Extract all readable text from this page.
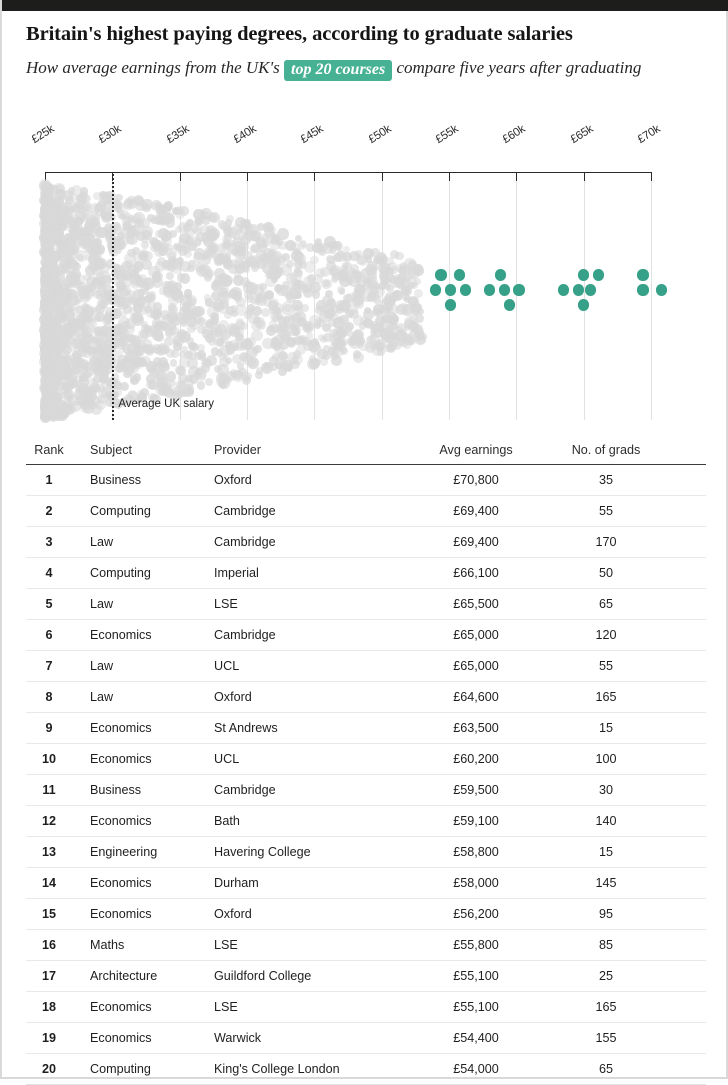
Britain's highest paying degrees, according to graduate salaries

How average earnings from the UK's top 20 courses compare five years after graduating

£25k	£30k	£35k	£40k	£45k	£50k	£55k	£60k	£65k	£70k
Average UK salary
Rank	Subject	Provider	Avg earnings	No. of grads
1	Business	Oxford	£70,800	35
2	Computing	Cambridge	£69,400	55
3	Law	Cambridge	£69,400	170
4	Computing	Imperial	£66,100	50
5	Law	LSE	£65,500	65
6	Economics	Cambridge	£65,000	120
7	Law	UCL	£65,000	55
8	Law	Oxford	£64,600	165
9	Economics	St Andrews	£63,500	15
10	Economics	UCL	£60,200	100
11	Business	Cambridge	£59,500	30
12	Economics	Bath	£59,100	140
13	Engineering	Havering College	£58,800	15
14	Economics	Durham	£58,000	145
15	Economics	Oxford	£56,200	95
16	Maths	LSE	£55,800	85
17	Architecture	Guildford College	£55,100	25
18	Economics	LSE	£55,100	165
19	Economics	Warwick	£54,400	155
20	Computing	King's College London	£54,000	65
